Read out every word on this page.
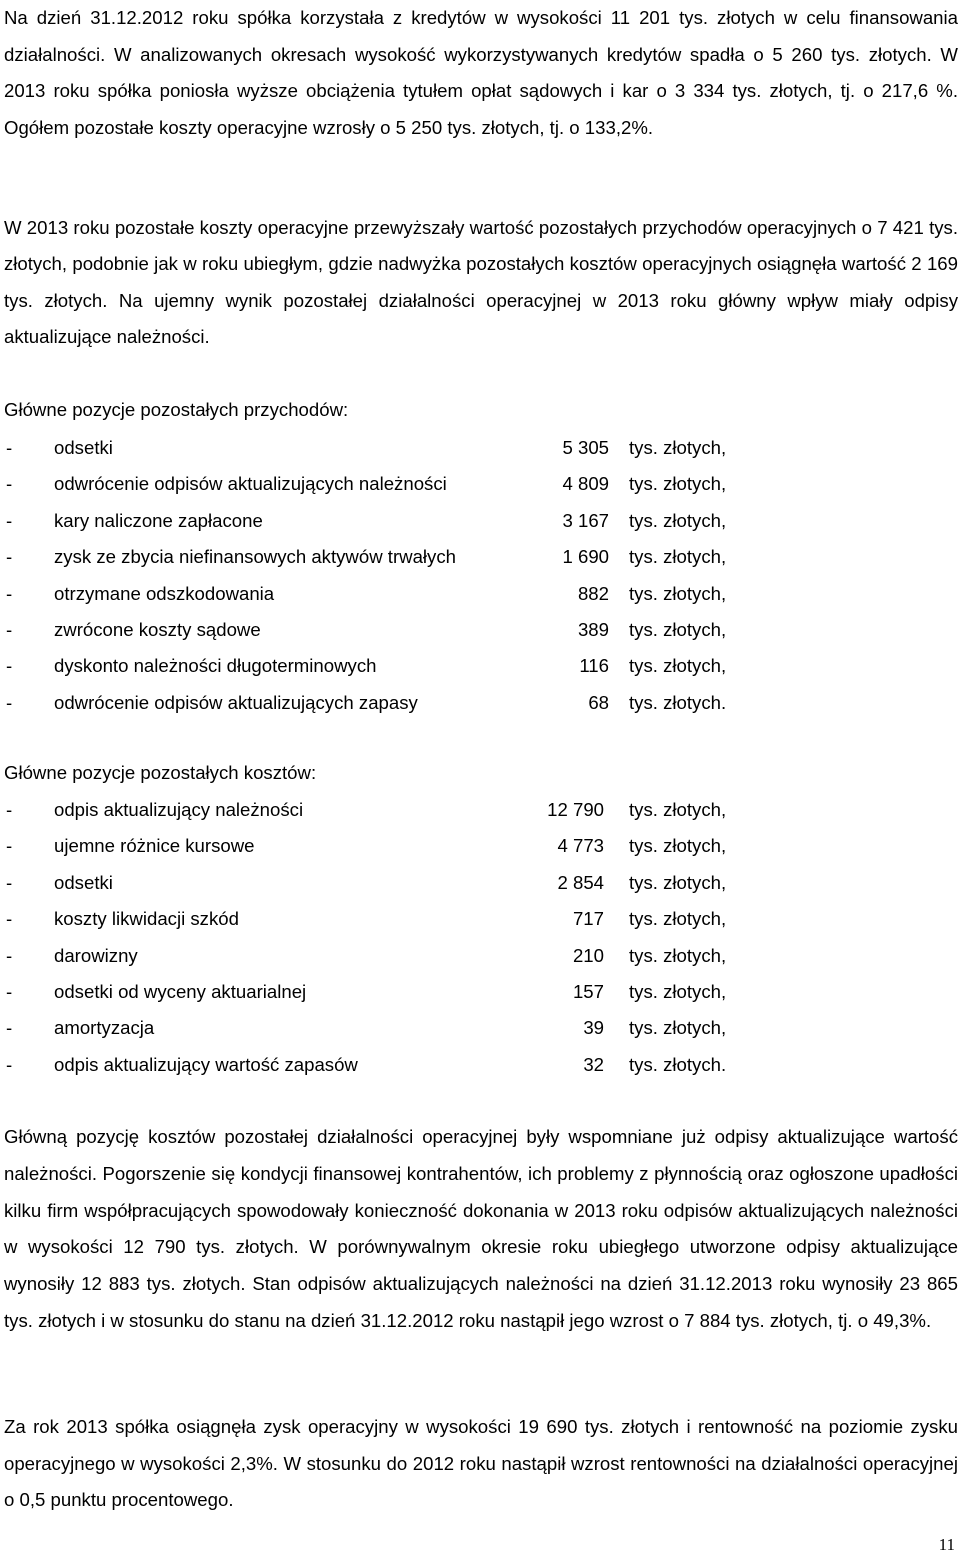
Na dzień 31.12.2012 roku spółka korzystała z kredytów w wysokości 11 201 tys. złotych w celu finansowania działalności. W analizowanych okresach wysokość wykorzystywanych kredytów spadła o 5 260 tys. złotych. W 2013 roku spółka poniosła wyższe obciążenia tytułem opłat sądowych i kar o 3 334 tys. złotych, tj. o 217,6 %. Ogółem pozostałe koszty operacyjne wzrosły o 5 250 tys. złotych, tj. o 133,2%.

W 2013 roku pozostałe koszty operacyjne przewyższały wartość pozostałych przychodów operacyjnych o 7 421 tys. złotych, podobnie jak w roku ubiegłym, gdzie nadwyżka pozostałych kosztów operacyjnych osiągnęła wartość 2 169 tys. złotych. Na ujemny wynik pozostałej działalności operacyjnej w 2013 roku główny wpływ miały odpisy aktualizujące należności.

Główne pozycje pozostałych przychodów:

- odsetki	5 305 tys. złotych,
- odwrócenie odpisów aktualizujących należności	4 809 tys. złotych,
- kary naliczone zapłacone	3 167 tys. złotych,
- zysk ze zbycia niefinansowych aktywów trwałych	1 690 tys. złotych,
- otrzymane odszkodowania	882 tys. złotych,
- zwrócone koszty sądowe	389 tys. złotych,
- dyskonto należności długoterminowych	116 tys. złotych,
- odwrócenie odpisów aktualizujących zapasy	68 tys. złotych.

Główne pozycje pozostałych kosztów:

- odpis aktualizujący należności	12 790 tys. złotych,
- ujemne różnice kursowe	4 773 tys. złotych,
- odsetki	2 854 tys. złotych,
- koszty likwidacji szkód	717 tys. złotych,
- darowizny	210 tys. złotych,
- odsetki od wyceny aktuarialnej	157 tys. złotych,
- amortyzacja	39 tys. złotych,
- odpis aktualizujący wartość zapasów	32 tys. złotych.

Główną pozycję kosztów pozostałej działalności operacyjnej były wspomniane już odpisy aktualizujące wartość należności. Pogorszenie się kondycji finansowej kontrahentów, ich problemy z płynnością oraz ogłoszone upadłości kilku firm współpracujących spowodowały konieczność dokonania w 2013 roku odpisów aktualizujących należności w wysokości 12 790 tys. złotych. W porównywalnym okresie roku ubiegłego utworzone odpisy aktualizujące wynosiły 12 883 tys. złotych. Stan odpisów aktualizujących należności na dzień 31.12.2013 roku wynosiły 23 865 tys. złotych i w stosunku do stanu na dzień 31.12.2012 roku nastąpił jego wzrost o 7 884 tys. złotych, tj. o 49,3%.

Za rok 2013 spółka osiągnęła zysk operacyjny w wysokości 19 690 tys. złotych i rentowność na poziomie zysku operacyjnego w wysokości 2,3%. W stosunku do 2012 roku nastąpił wzrost rentowności na działalności operacyjnej o 0,5 punktu procentowego.

11
